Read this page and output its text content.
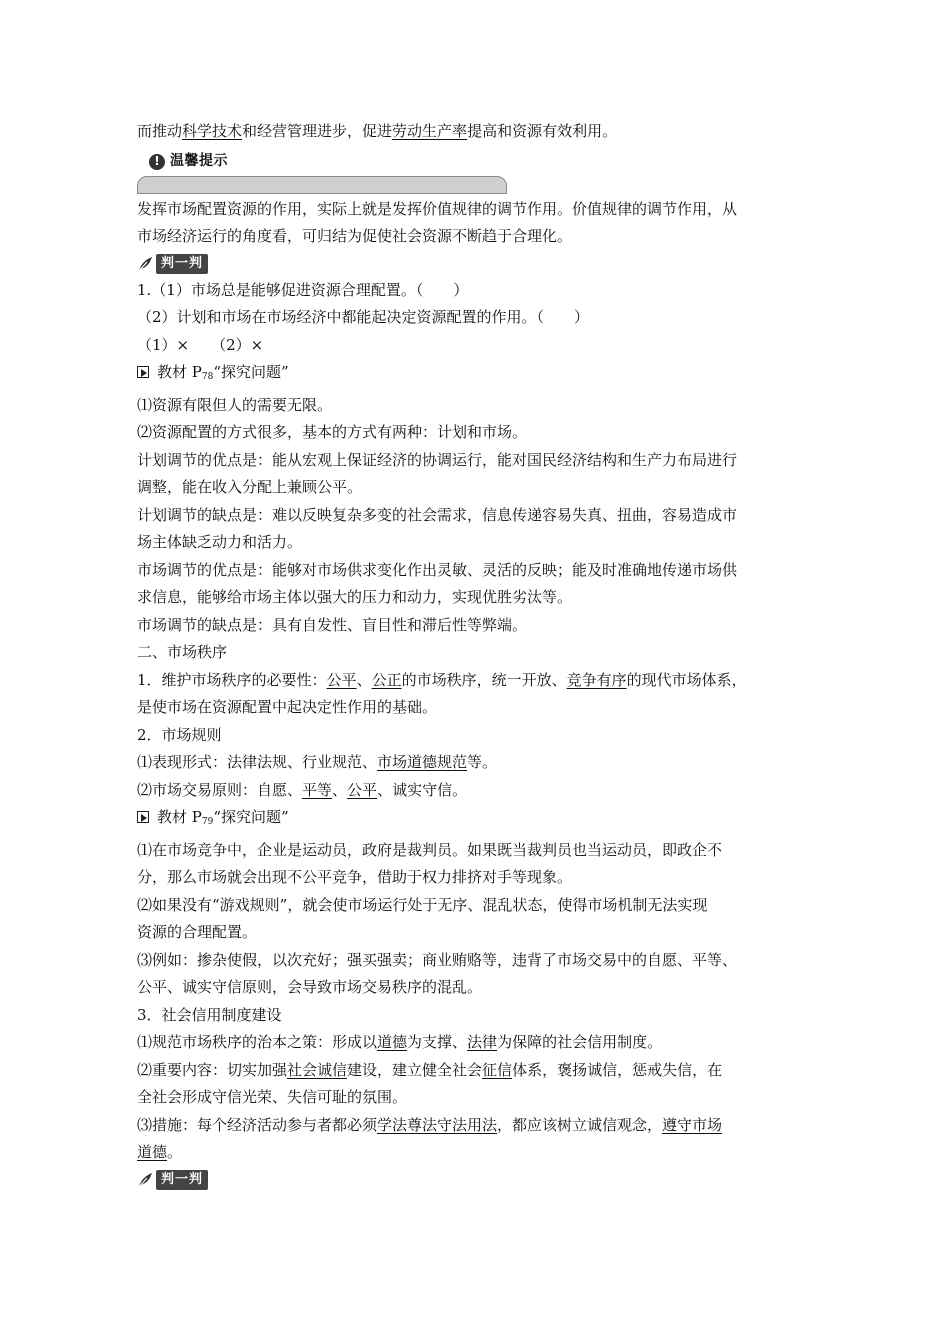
而推动科学技术和经营管理进步，促进劳动生产率提高和资源有效利用。
! 温馨提示
发挥市场配置资源的作用，实际上就是发挥价值规律的调节作用。价值规律的调节作用，从
市场经济运行的角度看，可归结为促使社会资源不断趋于合理化。
判一判
1.（1）市场总是能够促进资源合理配置。（　　）
（2）计划和市场在市场经济中都能起决定资源配置的作用。（　　）
（1）× （2）×
教材 $P_{78}“$探究问题”
⑴资源有限但人的需要无限。
⑵资源配置的方式很多，基本的方式有两种：计划和市场。
计划调节的优点是：能从宏观上保证经济的协调运行，能对国民经济结构和生产力布局进行
调整，能在收入分配上兼顾公平。
计划调节的缺点是：难以反映复杂多变的社会需求，信息传递容易失真、扭曲，容易造成市
场主体缺乏动力和活力。
市场调节的优点是：能够对市场供求变化作出灵敏、灵活的反映；能及时准确地传递市场供
求信息，能够给市场主体以强大的压力和动力，实现优胜劣汰等。
市场调节的缺点是：具有自发性、盲目性和滞后性等弊端。
二、市场秩序
1．维护市场秩序的必要性：公平、公正的市场秩序，统一开放、竞争有序的现代市场体系，
是使市场在资源配置中起决定性作用的基础。
2．市场规则
⑴表现形式：法律法规、行业规范、市场道德规范等。
⑵市场交易原则：自愿、平等、公平、诚实守信。
教材 $P_{79}“$探究问题”
⑴在市场竞争中，企业是运动员，政府是裁判员。如果既当裁判员也当运动员，即政企不
分，那么市场就会出现不公平竞争，借助于权力排挤对手等现象。
⑵如果没有“游戏规则”，就会使市场运行处于无序、混乱状态，使得市场机制无法实现
资源的合理配置。
⑶例如：掺杂使假，以次充好；强买强卖；商业贿赂等，违背了市场交易中的自愿、平等、
公平、诚实守信原则，会导致市场交易秩序的混乱。
3．社会信用制度建设
⑴规范市场秩序的治本之策：形成以道德为支撑、法律为保障的社会信用制度。
⑵重要内容：切实加强社会诚信建设，建立健全社会征信体系，褒扬诚信，惩戒失信，在
全社会形成守信光荣、失信可耻的氛围。
⑶措施：每个经济活动参与者都必须学法尊法守法用法，都应该树立诚信观念，遵守市场
道德。
判一判
